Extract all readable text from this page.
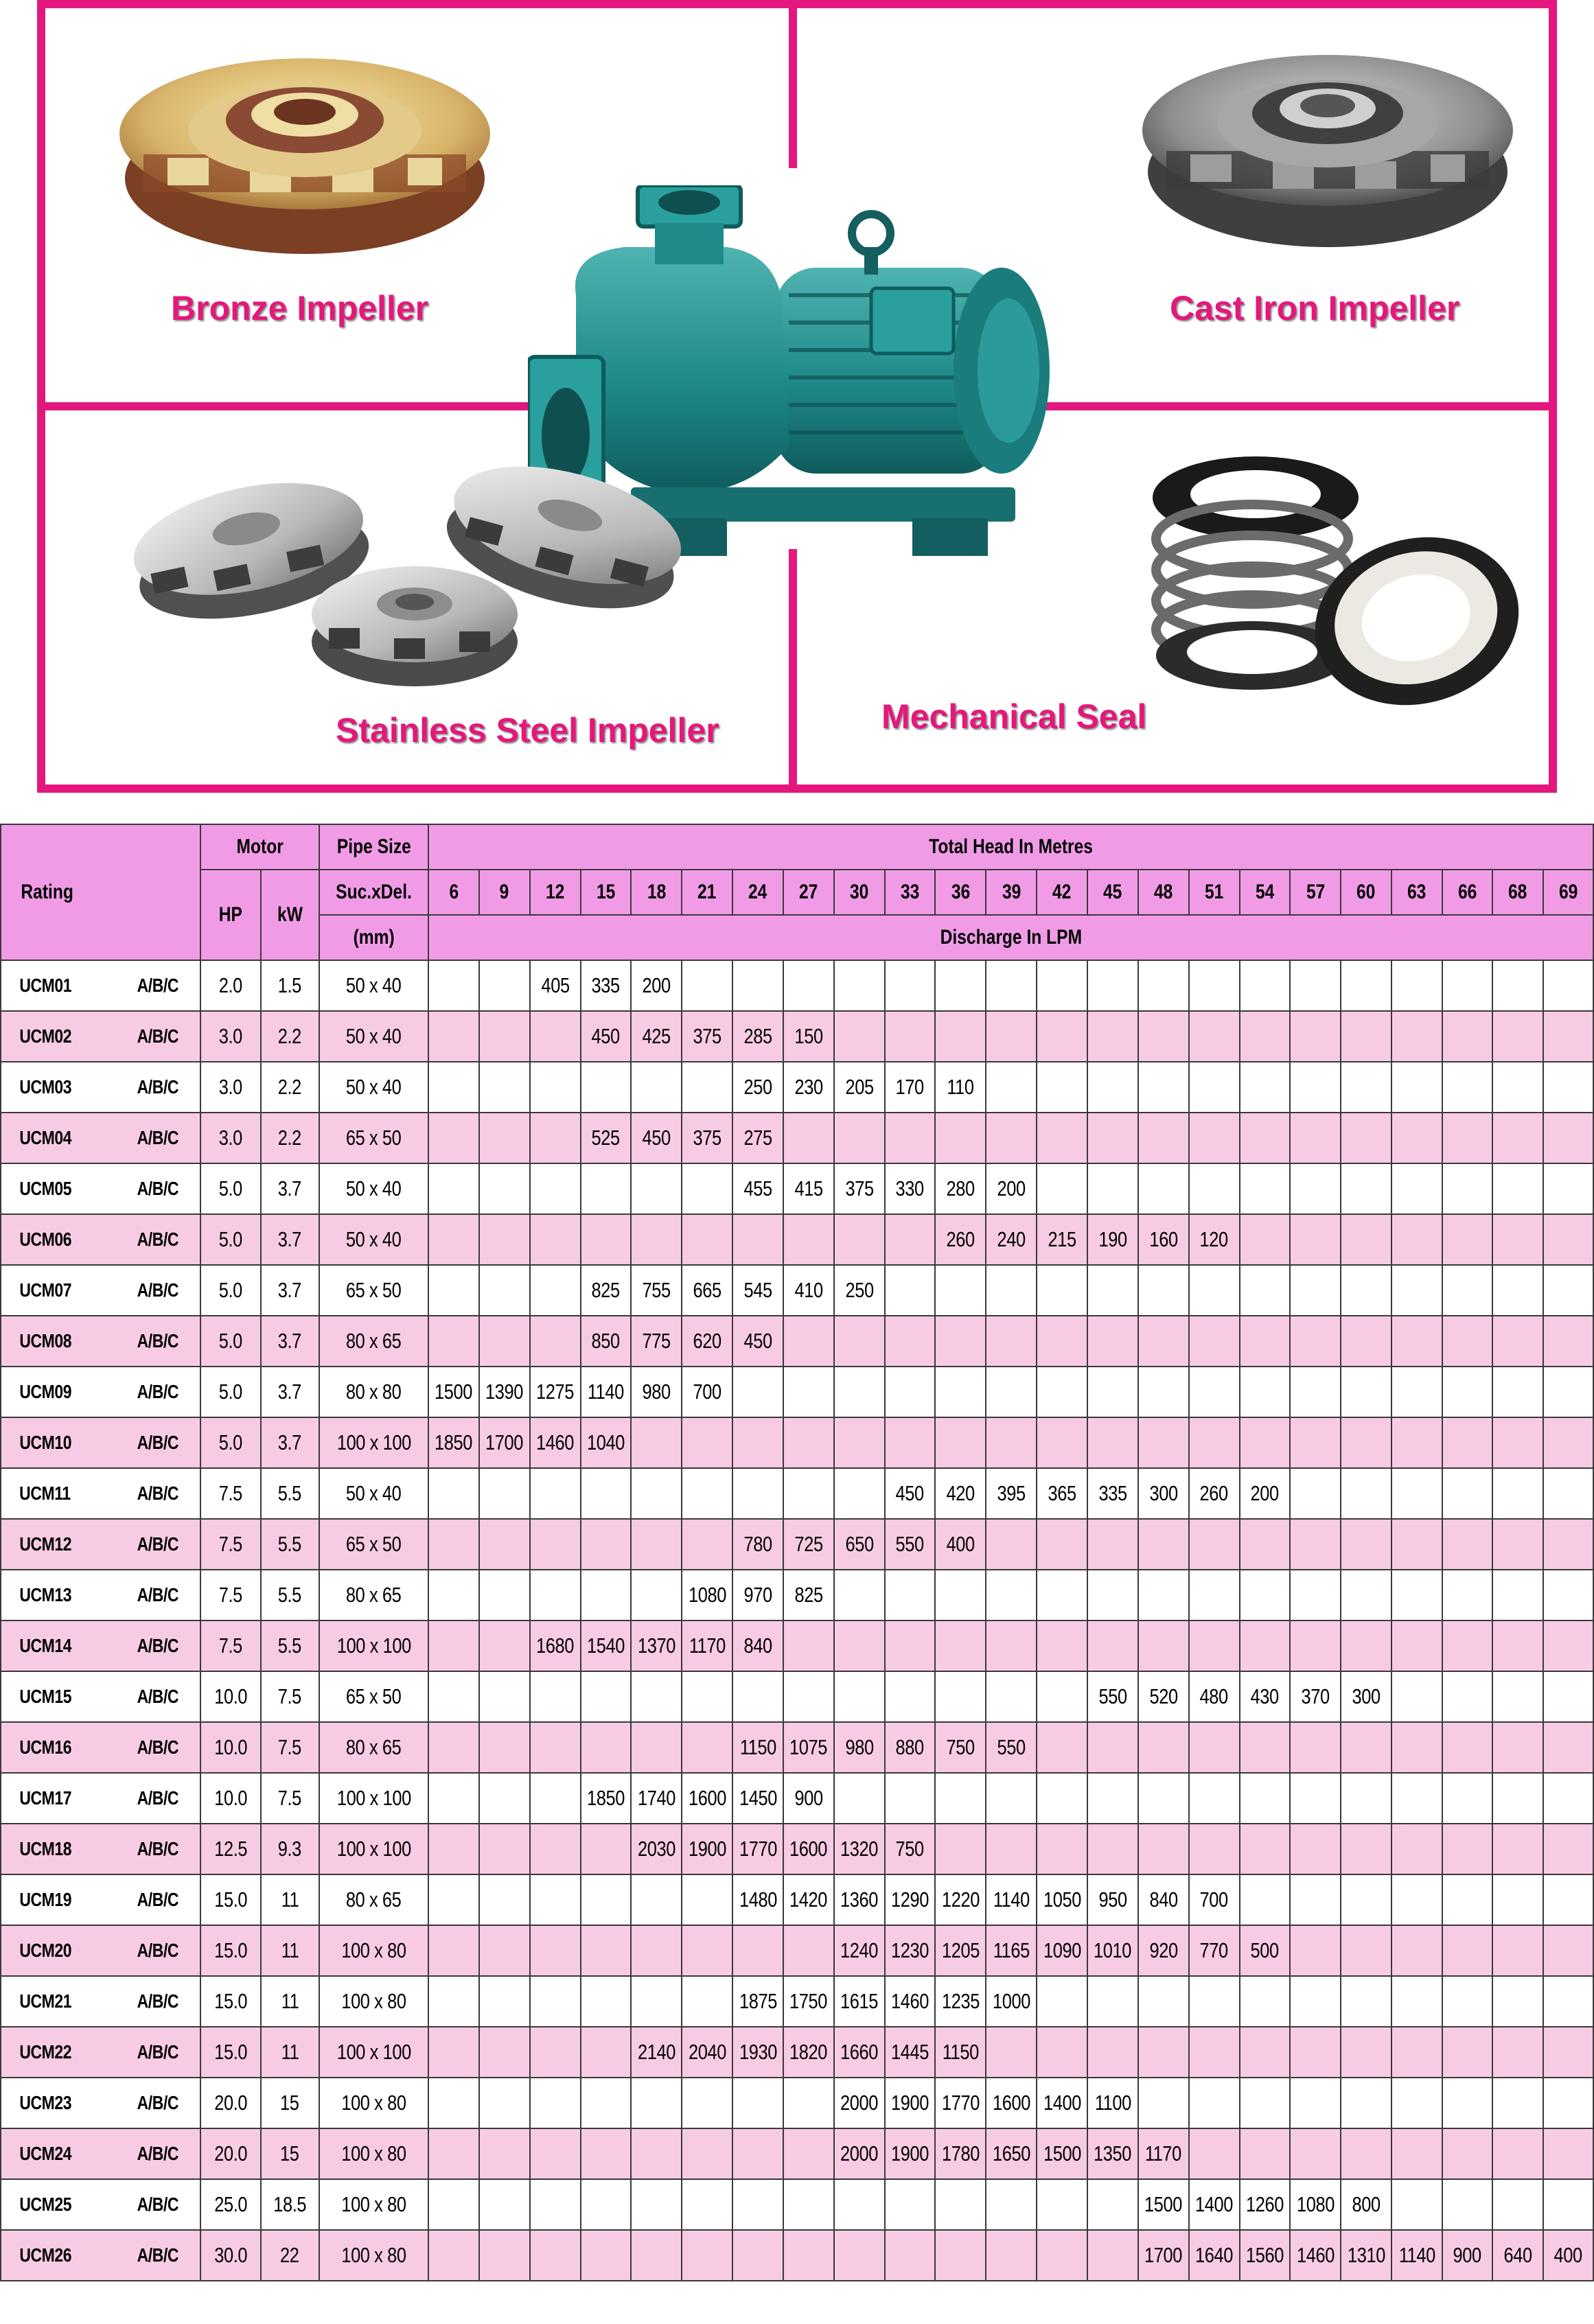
Bronze Impeller	Cast Iron Impeller
Stainless Steel Impeller	Mechanical Seal
Rating		Motor		Pipe Size	Total Head In Metres																						
		HP	kW	Suc.xDel.	6	9	12	15	18	21	24	27	30	33	36	39	42	45	48	51	54	57	60	63	66	68	69
				(mm)	Discharge In LPM																						
UCM01	A/B/C	2.0	1.5	50 x 40			405	335	200																		
UCM02	A/B/C	3.0	2.2	50 x 40				450	425	375	285	150															
UCM03	A/B/C	3.0	2.2	50 x 40							250	230	205	170	110												
UCM04	A/B/C	3.0	2.2	65 x 50				525	450	375	275																
UCM05	A/B/C	5.0	3.7	50 x 40							455	415	375	330	280	200											
UCM06	A/B/C	5.0	3.7	50 x 40											260	240	215	190	160	120							
UCM07	A/B/C	5.0	3.7	65 x 50				825	755	665	545	410	250														
UCM08	A/B/C	5.0	3.7	80 x 65				850	775	620	450																
UCM09	A/B/C	5.0	3.7	80 x 80	1500	1390	1275	1140	980	700																	
UCM10	A/B/C	5.0	3.7	100 x 100	1850	1700	1460	1040																			
UCM11	A/B/C	7.5	5.5	50 x 40										450	420	395	365	335	300	260	200						
UCM12	A/B/C	7.5	5.5	65 x 50							780	725	650	550	400												
UCM13	A/B/C	7.5	5.5	80 x 65						1080	970	825															
UCM14	A/B/C	7.5	5.5	100 x 100			1680	1540	1370	1170	840																
UCM15	A/B/C	10.0	7.5	65 x 50														550	520	480	430	370	300				
UCM16	A/B/C	10.0	7.5	80 x 65							1150	1075	980	880	750	550											
UCM17	A/B/C	10.0	7.5	100 x 100				1850	1740	1600	1450	900															
UCM18	A/B/C	12.5	9.3	100 x 100					2030	1900	1770	1600	1320	750													
UCM19	A/B/C	15.0	11	80 x 65							1480	1420	1360	1290	1220	1140	1050	950	840	700							
UCM20	A/B/C	15.0	11	100 x 80									1240	1230	1205	1165	1090	1010	920	770	500						
UCM21	A/B/C	15.0	11	100 x 80							1875	1750	1615	1460	1235	1000											
UCM22	A/B/C	15.0	11	100 x 100					2140	2040	1930	1820	1660	1445	1150												
UCM23	A/B/C	20.0	15	100 x 80									2000	1900	1770	1600	1400	1100									
UCM24	A/B/C	20.0	15	100 x 80									2000	1900	1780	1650	1500	1350	1170								
UCM25	A/B/C	25.0	18.5	100 x 80															1500	1400	1260	1080	800				
UCM26	A/B/C	30.0	22	100 x 80															1700	1640	1560	1460	1310	1140	900	640	400
